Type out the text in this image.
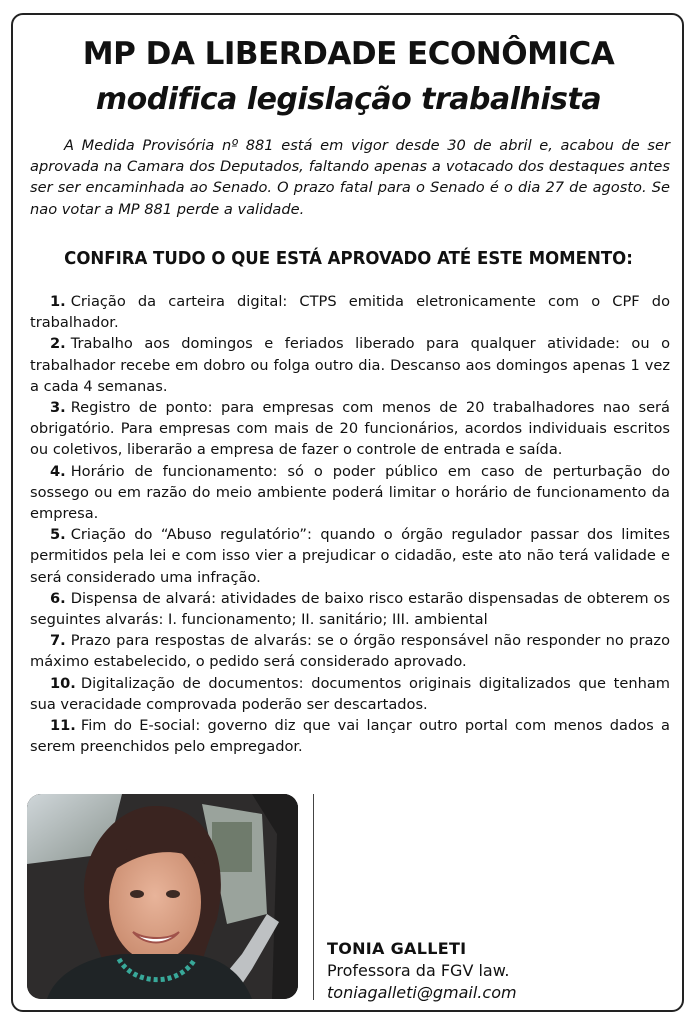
MP DA LIBERDADE ECONÔMICA
modifica legislação trabalhista

A Medida Provisória nº 881 está em vigor desde 30 de abril e, acabou de ser aprovada na Camara dos Deputados, faltando apenas a votacado dos destaques antes ser ser encaminhada ao Senado. O prazo fatal para o Senado é o dia 27 de agosto. Se nao votar a MP 881 perde a validade.

CONFIRA TUDO O QUE ESTÁ APROVADO ATÉ ESTE MOMENTO:
1. Criação da carteira digital: CTPS emitida eletronicamente com o CPF do trabalhador.
2. Trabalho aos domingos e feriados liberado para qualquer atividade: ou o trabalhador recebe em dobro ou folga outro dia. Descanso aos domingos apenas 1 vez a cada 4 semanas.
3. Registro de ponto: para empresas com menos de 20 trabalhadores nao será obrigatório. Para empresas com mais de 20 funcionários, acordos individuais escritos ou coletivos, liberarão a empresa de fazer o controle de entrada e saída.
4. Horário de funcionamento: só o poder público em caso de perturbação do sossego ou em razão do meio ambiente poderá limitar o horário de funcionamento da empresa.
5. Criação do “Abuso regulatório”: quando o órgão regulador passar dos limites permitidos pela lei e com isso vier a prejudicar o cidadão, este ato não terá validade e será considerado uma infração.
6. Dispensa de alvará: atividades de baixo risco estarão dispensadas de obterem os seguintes alvarás: I. funcionamento; II. sanitário; III. ambiental
7. Prazo para respostas de alvarás: se o órgão responsável não responder no prazo máximo estabelecido, o pedido será considerado aprovado.
10. Digitalização de documentos: documentos originais digitalizados que tenham sua veracidade comprovada poderão ser descartados.
11. Fim do E-social: governo diz que vai lançar outro portal com menos dados a serem preenchidos pelo empregador.
TONIA GALLETI
Professora da FGV law.
toniagalleti@gmail.com
